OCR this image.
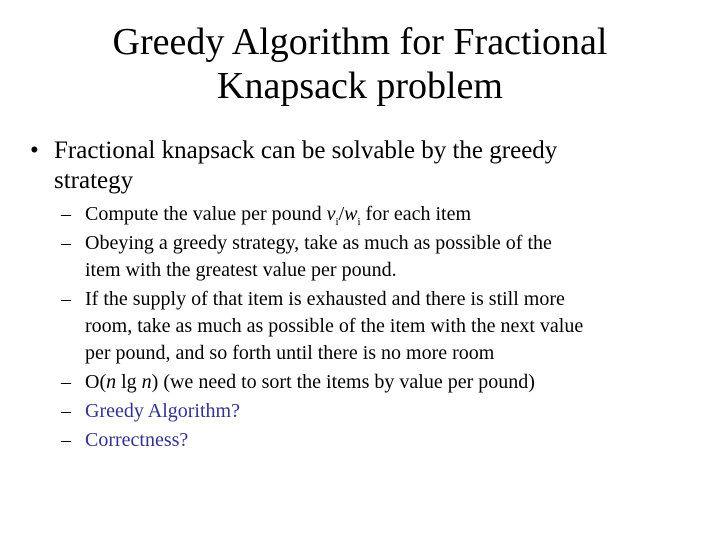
Greedy Algorithm for Fractional
Knapsack problem
• Fractional knapsack can be solvable by the greedy
strategy
– Compute the value per pound $v_i/w_i$ for each item
– Obeying a greedy strategy, take as much as possible of the
item with the greatest value per pound.
– If the supply of that item is exhausted and there is still more
room, take as much as possible of the item with the next value
per pound, and so forth until there is no more room
– O(n lg n) (we need to sort the items by value per pound)
– Greedy Algorithm?
– Correctness?
